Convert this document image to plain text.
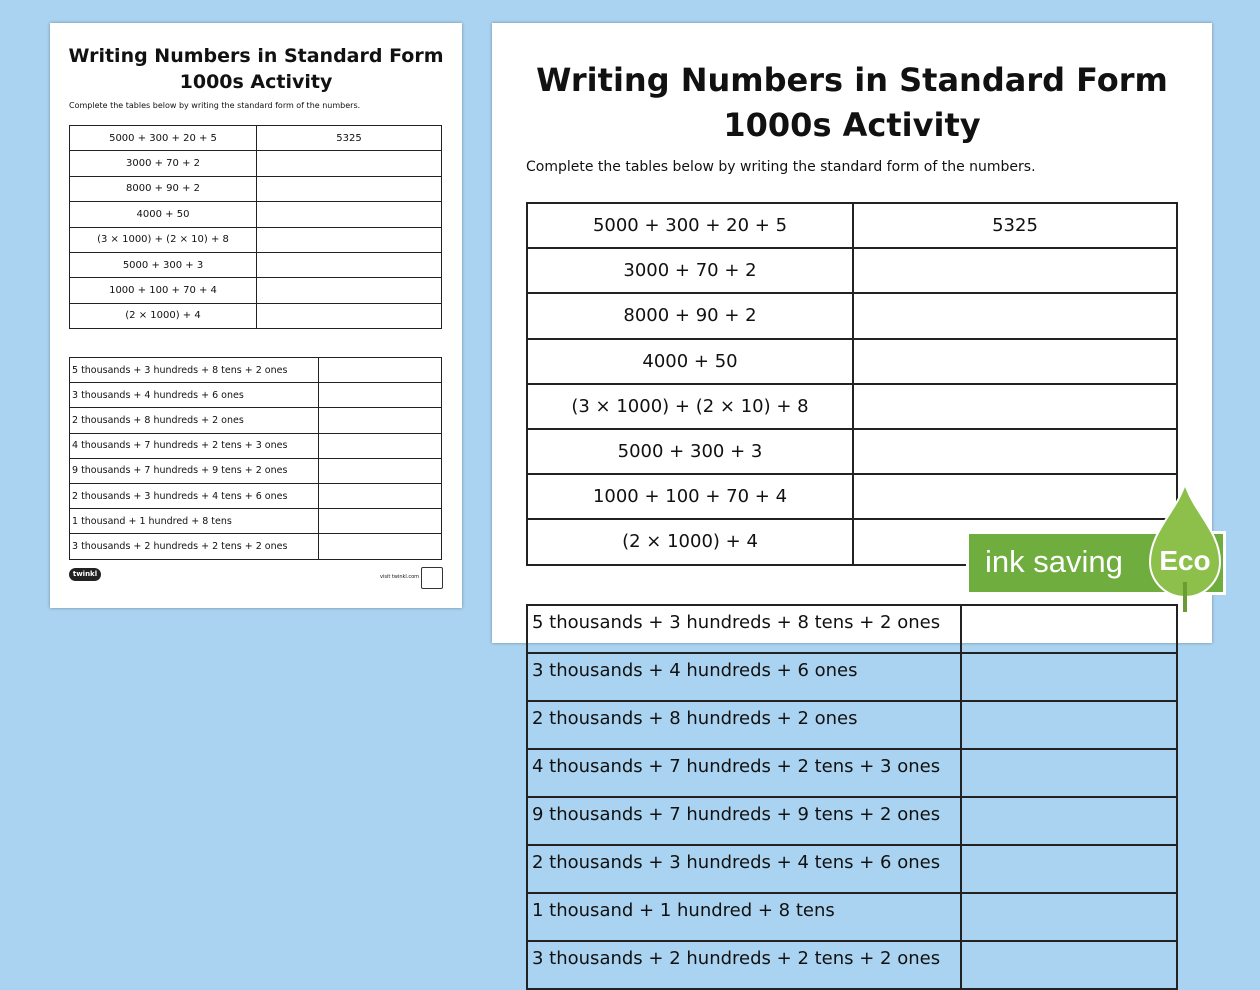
Writing Numbers in Standard Form
1000s Activity
Complete the tables below by writing the standard form of the numbers.
5000 + 300 + 20 + 5	5325
3000 + 70 + 2	
8000 + 90 + 2	
4000 + 50	
(3 × 1000) + (2 × 10) + 8	
5000 + 300 + 3	
1000 + 100 + 70 + 4	
(2 × 1000) + 4	
5 thousands + 3 hundreds + 8 tens + 2 ones	
3 thousands + 4 hundreds + 6 ones	
2 thousands + 8 hundreds + 2 ones	
4 thousands + 7 hundreds + 2 tens + 3 ones	
9 thousands + 7 hundreds + 9 tens + 2 ones	
2 thousands + 3 hundreds + 4 tens + 6 ones	
1 thousand + 1 hundred + 8 tens	
3 thousands + 2 hundreds + 2 tens + 2 ones	
twinkl	visit twinkl.com
Writing Numbers in Standard Form
1000s Activity
Complete the tables below by writing the standard form of the numbers.
5000 + 300 + 20 + 5	5325
3000 + 70 + 2	
8000 + 90 + 2	
4000 + 50	
(3 × 1000) + (2 × 10) + 8	
5000 + 300 + 3	
1000 + 100 + 70 + 4	
(2 × 1000) + 4	
5 thousands + 3 hundreds + 8 tens + 2 ones	
3 thousands + 4 hundreds + 6 ones	
2 thousands + 8 hundreds + 2 ones	
4 thousands + 7 hundreds + 2 tens + 3 ones	
9 thousands + 7 hundreds + 9 tens + 2 ones	
2 thousands + 3 hundreds + 4 tens + 6 ones	
1 thousand + 1 hundred + 8 tens	
3 thousands + 2 hundreds + 2 tens + 2 ones	
ink saving Eco
